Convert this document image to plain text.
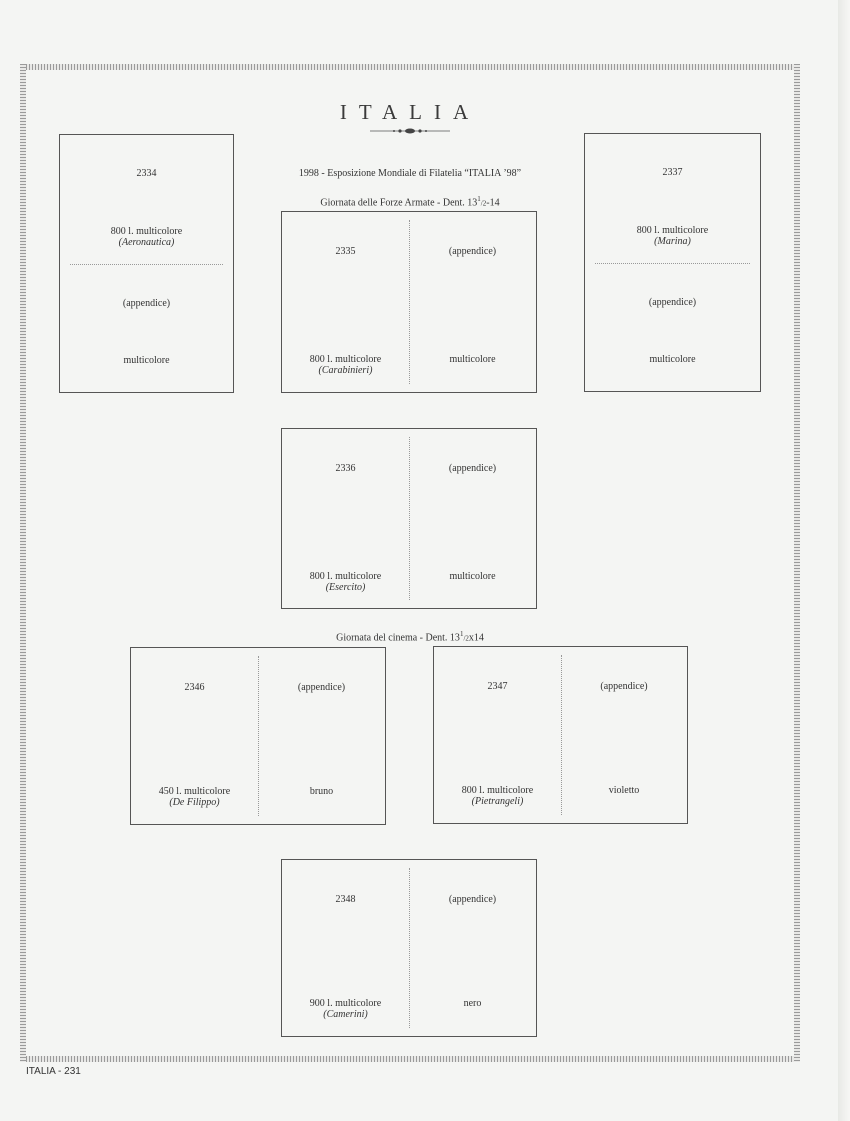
ITALIA
1998 - Esposizione Mondiale di Filatelia “ITALIA ’98”
Giornata delle Forze Armate - Dent. $13^1/2-14$
2334
800 l. multicolore
(Aeronautica)
(appendice)
multicolore
2335
800 l. multicolore
(Carabinieri)
(appendice)
multicolore
2337
800 l. multicolore
(Marina)
(appendice)
multicolore
2336
800 l. multicolore
(Esercito)
(appendice)
multicolore
Giornata del cinema - Dent. $13^1/2x14$
2346
450 l. multicolore
(De Filippo)
(appendice)
bruno
2347
800 l. multicolore
(Pietrangeli)
(appendice)
violetto
2348
900 l. multicolore
(Camerini)
(appendice)
nero
ITALIA - 231
